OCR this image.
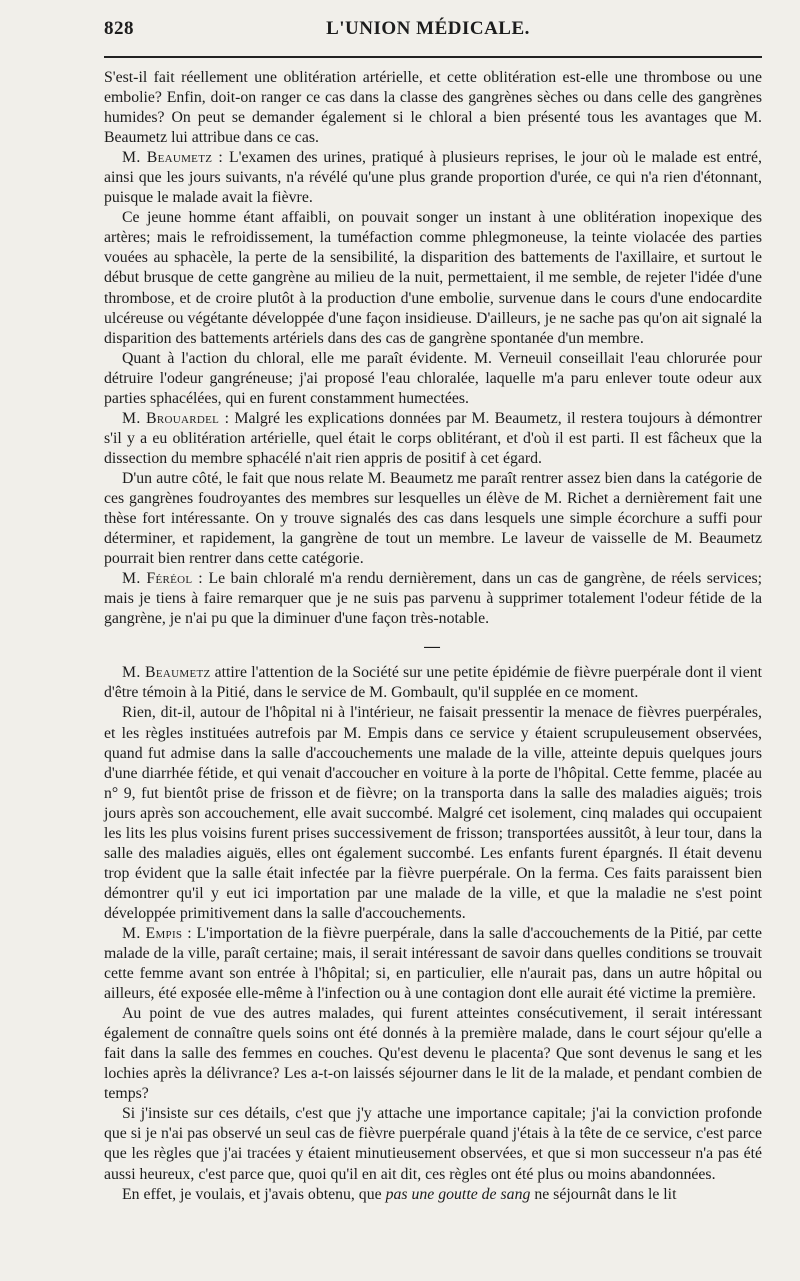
828	L'UNION MÉDICALE.

S'est-il fait réellement une oblitération artérielle, et cette oblitération est-elle une thrombose ou une embolie? Enfin, doit-on ranger ce cas dans la classe des gangrènes sèches ou dans celle des gangrènes humides? On peut se demander également si le chloral a bien présenté tous les avantages que M. Beaumetz lui attribue dans ce cas.

M. Beaumetz : L'examen des urines, pratiqué à plusieurs reprises, le jour où le malade est entré, ainsi que les jours suivants, n'a révélé qu'une plus grande proportion d'urée, ce qui n'a rien d'étonnant, puisque le malade avait la fièvre.

Ce jeune homme étant affaibli, on pouvait songer un instant à une oblitération inopexique des artères; mais le refroidissement, la tuméfaction comme phlegmoneuse, la teinte violacée des parties vouées au sphacèle, la perte de la sensibilité, la disparition des battements de l'axillaire, et surtout le début brusque de cette gangrène au milieu de la nuit, permettaient, il me semble, de rejeter l'idée d'une thrombose, et de croire plutôt à la production d'une embolie, survenue dans le cours d'une endocardite ulcéreuse ou végétante développée d'une façon insidieuse. D'ailleurs, je ne sache pas qu'on ait signalé la disparition des battements artériels dans des cas de gangrène spontanée d'un membre.

Quant à l'action du chloral, elle me paraît évidente. M. Verneuil conseillait l'eau chlorurée pour détruire l'odeur gangréneuse; j'ai proposé l'eau chloralée, laquelle m'a paru enlever toute odeur aux parties sphacélées, qui en furent constamment humectées.

M. Brouardel : Malgré les explications données par M. Beaumetz, il restera toujours à démontrer s'il y a eu oblitération artérielle, quel était le corps oblitérant, et d'où il est parti. Il est fâcheux que la dissection du membre sphacélé n'ait rien appris de positif à cet égard.

D'un autre côté, le fait que nous relate M. Beaumetz me paraît rentrer assez bien dans la catégorie de ces gangrènes foudroyantes des membres sur lesquelles un élève de M. Richet a dernièrement fait une thèse fort intéressante. On y trouve signalés des cas dans lesquels une simple écorchure a suffi pour déterminer, et rapidement, la gangrène de tout un membre. Le laveur de vaisselle de M. Beaumetz pourrait bien rentrer dans cette catégorie.

M. Féréol : Le bain chloralé m'a rendu dernièrement, dans un cas de gangrène, de réels services; mais je tiens à faire remarquer que je ne suis pas parvenu à supprimer totalement l'odeur fétide de la gangrène, je n'ai pu que la diminuer d'une façon très-notable.

—

M. Beaumetz attire l'attention de la Société sur une petite épidémie de fièvre puerpérale dont il vient d'être témoin à la Pitié, dans le service de M. Gombault, qu'il supplée en ce moment.

Rien, dit-il, autour de l'hôpital ni à l'intérieur, ne faisait pressentir la menace de fièvres puerpérales, et les règles instituées autrefois par M. Empis dans ce service y étaient scrupuleusement observées, quand fut admise dans la salle d'accouchements une malade de la ville, atteinte depuis quelques jours d'une diarrhée fétide, et qui venait d'accoucher en voiture à la porte de l'hôpital. Cette femme, placée au n° 9, fut bientôt prise de frisson et de fièvre; on la transporta dans la salle des maladies aiguës; trois jours après son accouchement, elle avait succombé. Malgré cet isolement, cinq malades qui occupaient les lits les plus voisins furent prises successivement de frisson; transportées aussitôt, à leur tour, dans la salle des maladies aiguës, elles ont également succombé. Les enfants furent épargnés. Il était devenu trop évident que la salle était infectée par la fièvre puerpérale. On la ferma. Ces faits paraissent bien démontrer qu'il y eut ici importation par une malade de la ville, et que la maladie ne s'est point développée primitivement dans la salle d'accouchements.

M. Empis : L'importation de la fièvre puerpérale, dans la salle d'accouchements de la Pitié, par cette malade de la ville, paraît certaine; mais, il serait intéressant de savoir dans quelles conditions se trouvait cette femme avant son entrée à l'hôpital; si, en particulier, elle n'aurait pas, dans un autre hôpital ou ailleurs, été exposée elle-même à l'infection ou à une contagion dont elle aurait été victime la première.

Au point de vue des autres malades, qui furent atteintes consécutivement, il serait intéressant également de connaître quels soins ont été donnés à la première malade, dans le court séjour qu'elle a fait dans la salle des femmes en couches. Qu'est devenu le placenta? Que sont devenus le sang et les lochies après la délivrance? Les a-t-on laissés séjourner dans le lit de la malade, et pendant combien de temps?

Si j'insiste sur ces détails, c'est que j'y attache une importance capitale; j'ai la conviction profonde que si je n'ai pas observé un seul cas de fièvre puerpérale quand j'étais à la tête de ce service, c'est parce que les règles que j'ai tracées y étaient minutieusement observées, et que si mon successeur n'a pas été aussi heureux, c'est parce que, quoi qu'il en ait dit, ces règles ont été plus ou moins abandonnées.

En effet, je voulais, et j'avais obtenu, que pas une goutte de sang ne séjournât dans le lit
